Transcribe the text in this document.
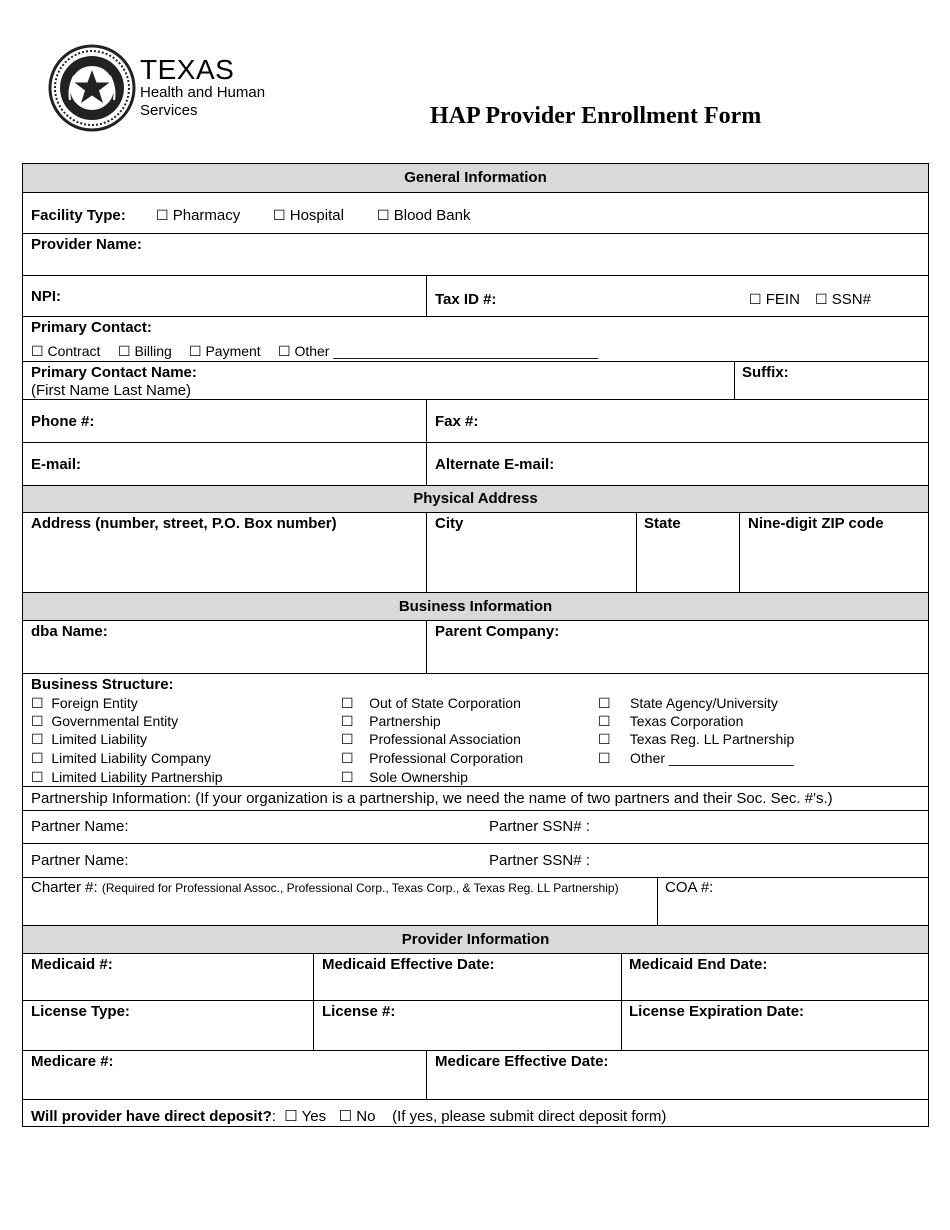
TEXAS
Health and Human
Services	HAP Provider Enrollment Form
General Information
Facility Type: ☐ Pharmacy ☐ Hospital ☐ Blood Bank
Provider Name:
NPI:	Tax ID #:	☐ FEIN ☐ SSN#
Primary Contact:
☐ Contract ☐ Billing ☐ Payment ☐ Other __________________________________
Primary Contact Name:
(First Name Last Name)
Suffix:
Phone #:	Fax #:
E-mail:	Alternate E-mail:
Physical Address
Address (number, street, P.O. Box number)	City	State	Nine-digit ZIP code
Business Information
dba Name:	Parent Company:
Business Structure:
☐ Foreign Entity
☐ Governmental Entity
☐ Limited Liability
☐ Limited Liability Company
☐ Limited Liability Partnership
☐ Out of State Corporation
☐ Partnership
☐ Professional Association
☐ Professional Corporation
☐ Sole Ownership
☐ State Agency/University
☐ Texas Corporation
☐ Texas Reg. LL Partnership
☐ Other ________________
Partnership Information: (If your organization is a partnership, we need the name of two partners and their Soc. Sec. #'s.)
Partner Name:	Partner SSN# :
Partner Name:	Partner SSN# :
Charter #: (Required for Professional Assoc., Professional Corp., Texas Corp., & Texas Reg. LL Partnership)	COA #:
Provider Information
Medicaid #:	Medicaid Effective Date:	Medicaid End Date:
License Type:	License #:	License Expiration Date:
Medicare #:	Medicare Effective Date:
Will provider have direct deposit?: ☐ Yes ☐ No (If yes, please submit direct deposit form)
